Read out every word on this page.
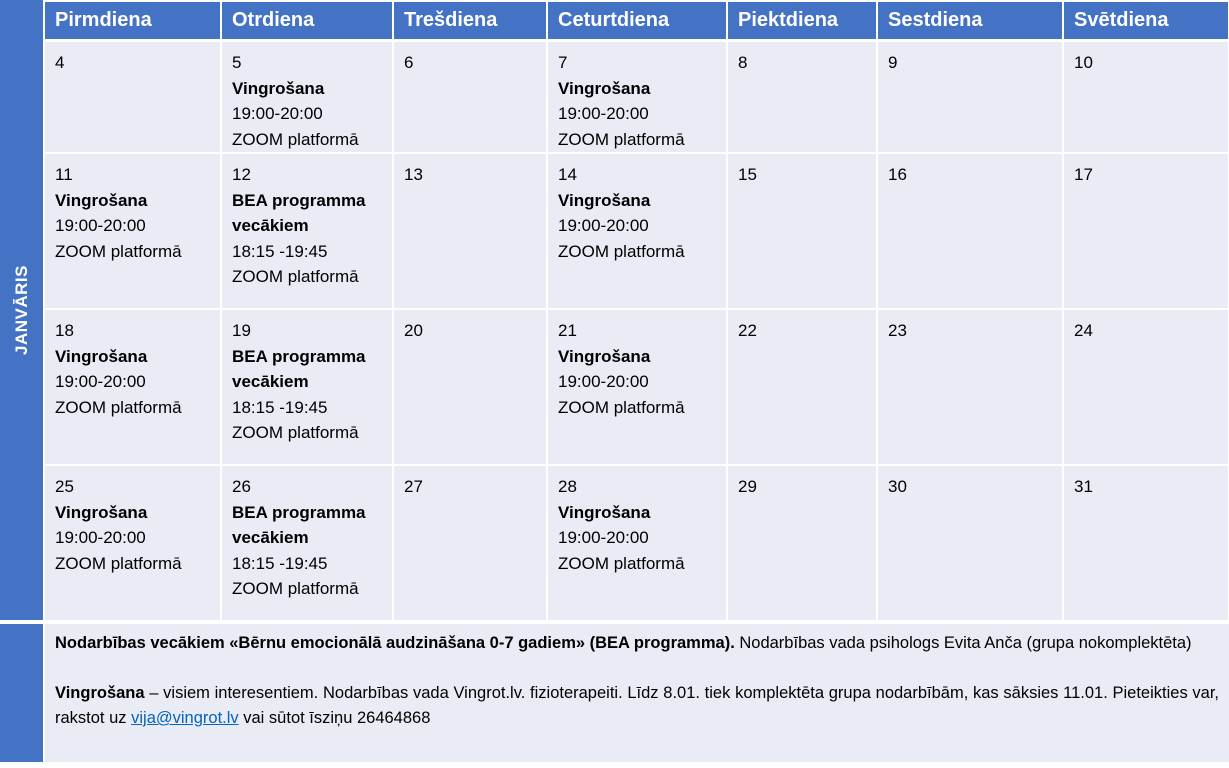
JANVĀRIS
Pirmdiena	Otrdiena	Trešdiena	Ceturtdiena	Piektdiena	Sestdiena	Svētdiena

4	5
Vingrošana
19:00-20:00
ZOOM platformā	6	7
Vingrošana
19:00-20:00
ZOOM platformā	8	9	10

11
Vingrošana
19:00-20:00
ZOOM platformā	12
BEA programma vecākiem
18:15 -19:45
ZOOM platformā	13	14
Vingrošana
19:00-20:00
ZOOM platformā	15	16	17

18
Vingrošana
19:00-20:00
ZOOM platformā	19
BEA programma vecākiem
18:15 -19:45
ZOOM platformā	20	21
Vingrošana
19:00-20:00
ZOOM platformā	22	23	24

25
Vingrošana
19:00-20:00
ZOOM platformā	26
BEA programma vecākiem
18:15 -19:45
ZOOM platformā	27	28
Vingrošana
19:00-20:00
ZOOM platformā	29	30	31

Nodarbības vecākiem «Bērnu emocionālā audzināšana 0-7 gadiem» (BEA programma). Nodarbības vada psihologs Evita Anča (grupa nokomplektēta)

Vingrošana – visiem interesentiem. Nodarbības vada Vingrot.lv. fizioterapeiti. Līdz 8.01. tiek komplektēta grupa nodarbībām, kas sāksies 11.01. Pieteikties var, rakstot uz vija@vingrot.lv vai sūtot īsziņu 26464868
